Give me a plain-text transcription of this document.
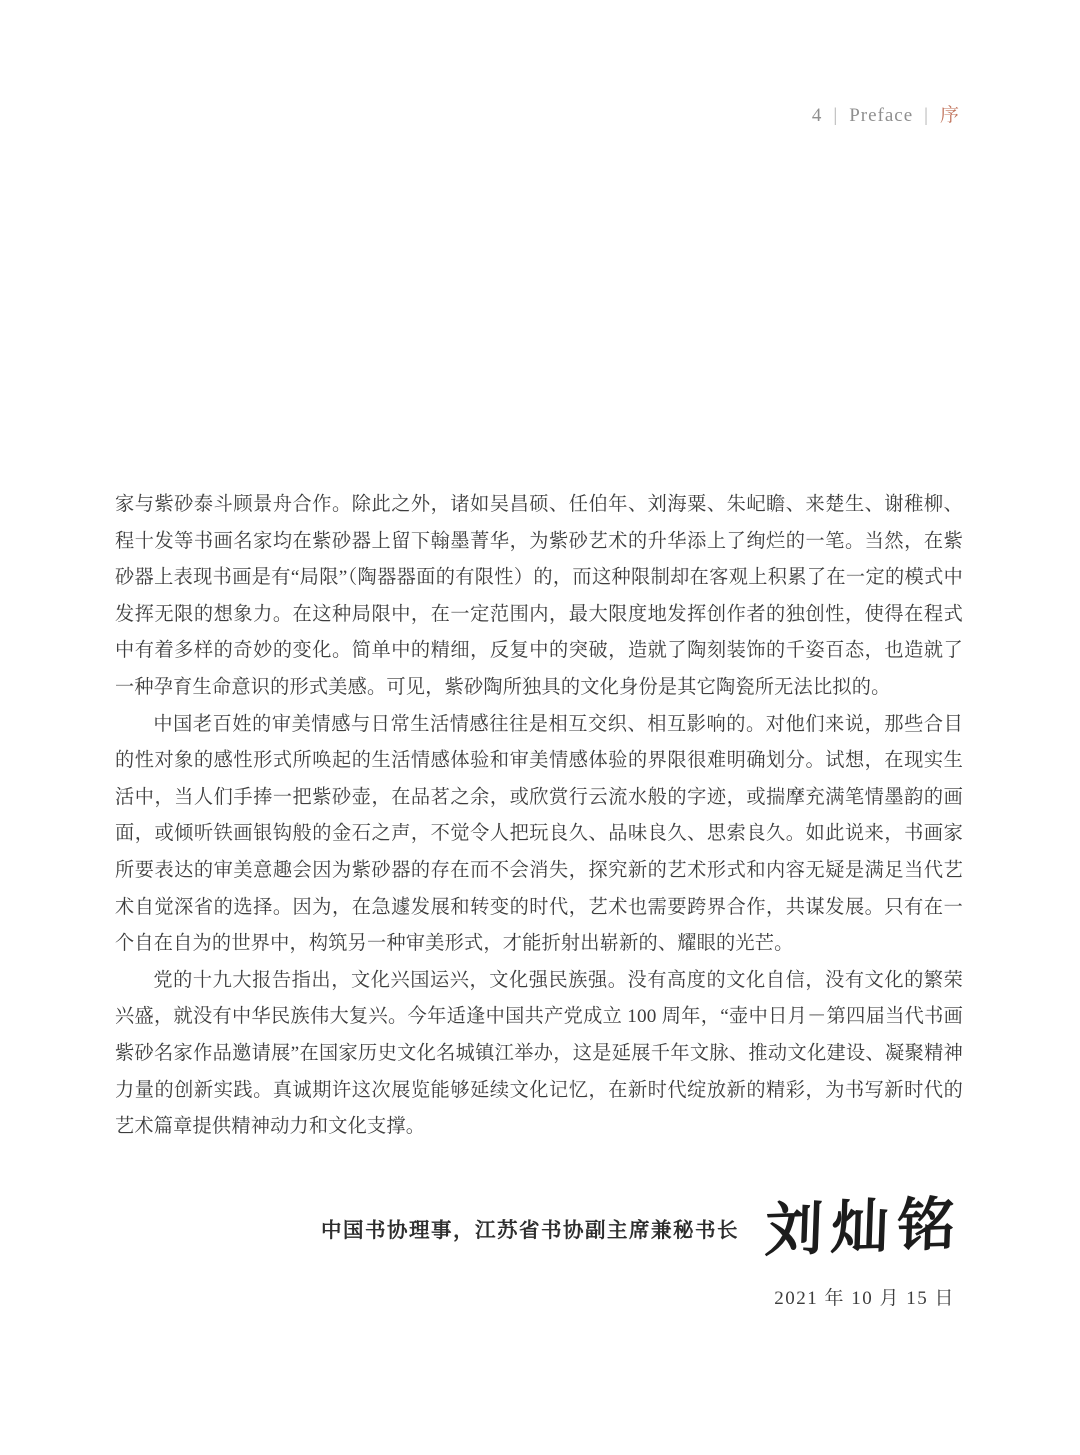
4 | Preface | 序

家与紫砂泰斗顾景舟合作。除此之外，诸如吴昌硕、任伯年、刘海粟、朱屺瞻、来楚生、谢稚柳、程十发等书画名家均在紫砂器上留下翰墨菁华，为紫砂艺术的升华添上了绚烂的一笔。当然，在紫砂器上表现书画是有“局限”（陶器器面的有限性）的，而这种限制却在客观上积累了在一定的模式中发挥无限的想象力。在这种局限中，在一定范围内，最大限度地发挥创作者的独创性，使得在程式中有着多样的奇妙的变化。简单中的精细，反复中的突破，造就了陶刻装饰的千姿百态，也造就了一种孕育生命意识的形式美感。可见，紫砂陶所独具的文化身份是其它陶瓷所无法比拟的。

中国老百姓的审美情感与日常生活情感往往是相互交织、相互影响的。对他们来说，那些合目的性对象的感性形式所唤起的生活情感体验和审美情感体验的界限很难明确划分。试想，在现实生活中，当人们手捧一把紫砂壶，在品茗之余，或欣赏行云流水般的字迹，或揣摩充满笔情墨韵的画面，或倾听铁画银钩般的金石之声，不觉令人把玩良久、品味良久、思索良久。如此说来，书画家所要表达的审美意趣会因为紫砂器的存在而不会消失，探究新的艺术形式和内容无疑是满足当代艺术自觉深省的选择。因为，在急遽发展和转变的时代，艺术也需要跨界合作，共谋发展。只有在一个自在自为的世界中，构筑另一种审美形式，才能折射出崭新的、耀眼的光芒。

党的十九大报告指出，文化兴国运兴，文化强民族强。没有高度的文化自信，没有文化的繁荣兴盛，就没有中华民族伟大复兴。今年适逢中国共产党成立 100 周年，“壶中日月－第四届当代书画紫砂名家作品邀请展”在国家历史文化名城镇江举办，这是延展千年文脉、推动文化建设、凝聚精神力量的创新实践。真诚期许这次展览能够延续文化记忆，在新时代绽放新的精彩，为书写新时代的艺术篇章提供精神动力和文化支撑。

中国书协理事，江苏省书协副主席兼秘书长 刘灿铭
2021 年 10 月 15 日
